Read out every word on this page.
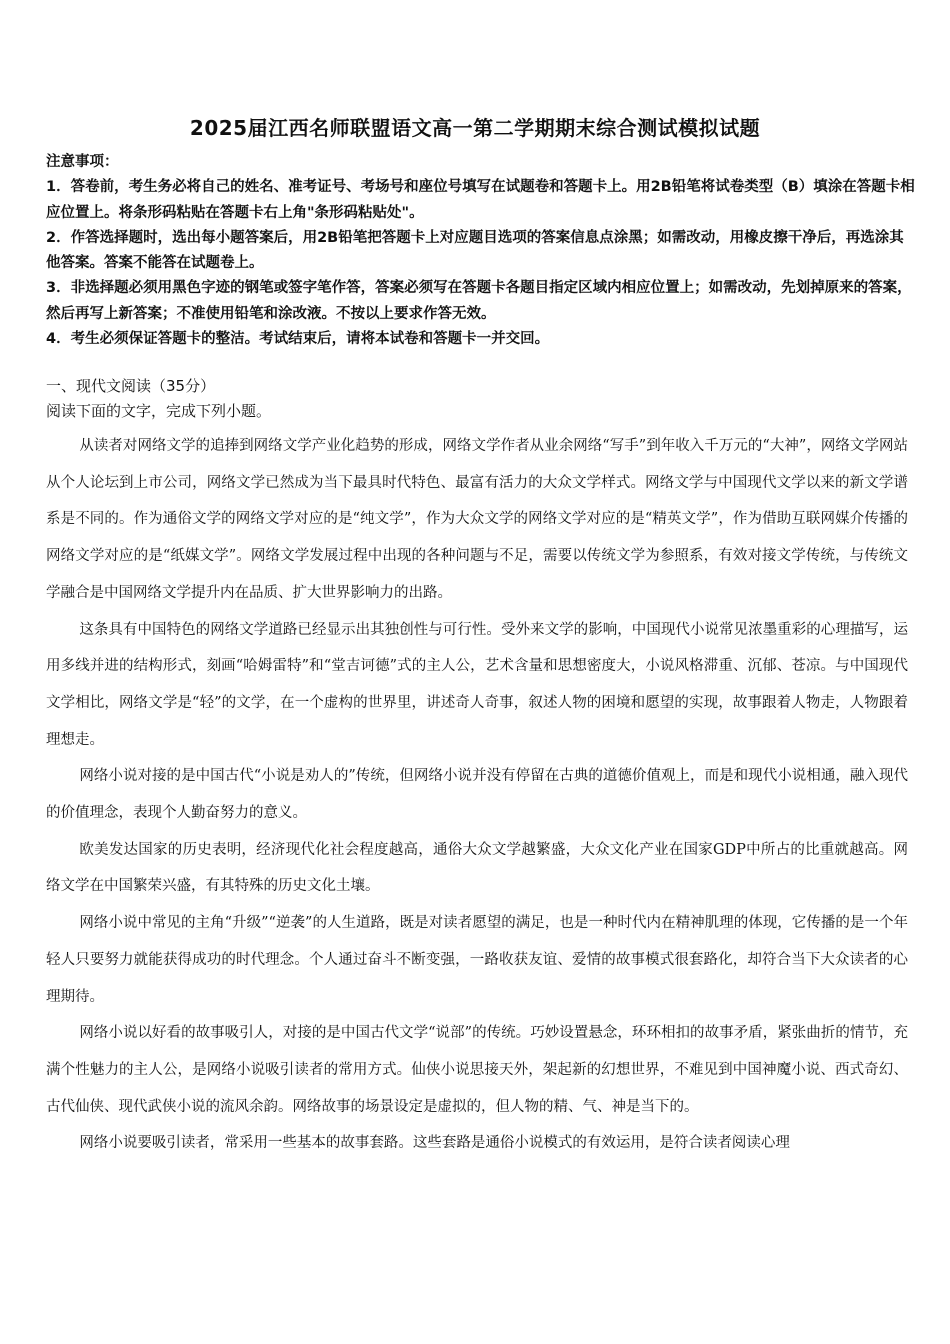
2025届江西名师联盟语文高一第二学期期末综合测试模拟试题

注意事项：

1．答卷前，考生务必将自己的姓名、准考证号、考场号和座位号填写在试题卷和答题卡上。用2B铅笔将试卷类型（B）填涂在答题卡相应位置上。将条形码粘贴在答题卡右上角"条形码粘贴处"。

2．作答选择题时，选出每小题答案后，用2B铅笔把答题卡上对应题目选项的答案信息点涂黑；如需改动，用橡皮擦干净后，再选涂其他答案。答案不能答在试题卷上。

3．非选择题必须用黑色字迹的钢笔或签字笔作答，答案必须写在答题卡各题目指定区域内相应位置上；如需改动，先划掉原来的答案，然后再写上新答案；不准使用铅笔和涂改液。不按以上要求作答无效。

4．考生必须保证答题卡的整洁。考试结束后，请将本试卷和答题卡一并交回。

一、现代文阅读（35分）

阅读下面的文字，完成下列小题。

从读者对网络文学的追捧到网络文学产业化趋势的形成，网络文学作者从业余网络“写手”到年收入千万元的“大神”，网络文学网站从个人论坛到上市公司，网络文学已然成为当下最具时代特色、最富有活力的大众文学样式。网络文学与中国现代文学以来的新文学谱系是不同的。作为通俗文学的网络文学对应的是“纯文学”，作为大众文学的网络文学对应的是“精英文学”，作为借助互联网媒介传播的网络文学对应的是“纸媒文学”。网络文学发展过程中出现的各种问题与不足，需要以传统文学为参照系，有效对接文学传统，与传统文学融合是中国网络文学提升内在品质、扩大世界影响力的出路。

这条具有中国特色的网络文学道路已经显示出其独创性与可行性。受外来文学的影响，中国现代小说常见浓墨重彩的心理描写，运用多线并进的结构形式，刻画“哈姆雷特”和“堂吉诃德”式的主人公，艺术含量和思想密度大，小说风格滞重、沉郁、苍凉。与中国现代文学相比，网络文学是“轻”的文学，在一个虚构的世界里，讲述奇人奇事，叙述人物的困境和愿望的实现，故事跟着人物走，人物跟着理想走。

网络小说对接的是中国古代“小说是劝人的”传统，但网络小说并没有停留在古典的道德价值观上，而是和现代小说相通，融入现代的价值理念，表现个人勤奋努力的意义。

欧美发达国家的历史表明，经济现代化社会程度越高，通俗大众文学越繁盛，大众文化产业在国家GDP中所占的比重就越高。网络文学在中国繁荣兴盛，有其特殊的历史文化土壤。

网络小说中常见的主角“升级”“逆袭”的人生道路，既是对读者愿望的满足，也是一种时代内在精神肌理的体现，它传播的是一个年轻人只要努力就能获得成功的时代理念。个人通过奋斗不断变强，一路收获友谊、爱情的故事模式很套路化，却符合当下大众读者的心理期待。

网络小说以好看的故事吸引人，对接的是中国古代文学“说部”的传统。巧妙设置悬念，环环相扣的故事矛盾，紧张曲折的情节，充满个性魅力的主人公，是网络小说吸引读者的常用方式。仙侠小说思接天外，架起新的幻想世界，不难见到中国神魔小说、西式奇幻、古代仙侠、现代武侠小说的流风余韵。网络故事的场景设定是虚拟的，但人物的精、气、神是当下的。

网络小说要吸引读者，常采用一些基本的故事套路。这些套路是通俗小说模式的有效运用，是符合读者阅读心理
